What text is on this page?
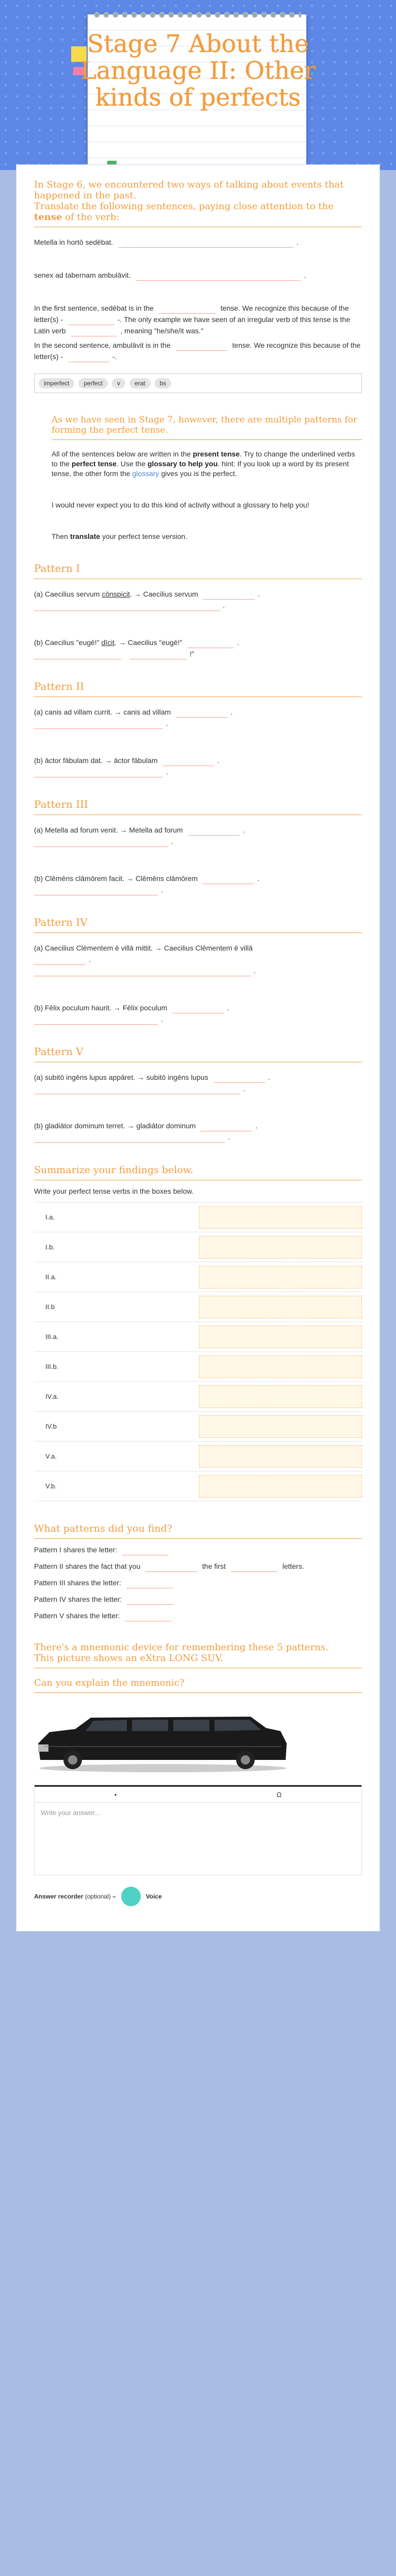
Stage 7 About the Language II: Other kinds of perfects
In Stage 6, we encountered two ways of talking about events that happened in the past.
Translate the following sentences, paying close attention to the tense of the verb:
Metella in hortō sedēbat.	.
senex ad tabernam ambulāvit.	.
In the first sentence, sedēbat is in the	tense. We recognize this because of the letter(s) -	-. The only example we have seen of an irregular verb of this tense is the Latin verb	, meaning "he/she/it was."
In the second sentence, ambulāvit is in the	tense. We recognize this because of the letter(s) -	-.
imperfect	perfect	v	erat	bs
As we have seen in Stage 7, however, there are multiple patterns for forming the perfect tense.

All of the sentences below are written in the present tense. Try to change the underlined verbs to the perfect tense. Use the glossary to help you. hint: If you look up a word by its present tense, the other form the glossary gives you is the perfect.

I would never expect you to do this kind of activity without a glossary to help you!

Then translate your perfect tense version.

Pattern I
(a) Caecilius servum cōnspicit. → Caecilius servum	.
.
(b) Caecilius "eugē!" dīcit. → Caecilius "eugē!"	.
!"
Pattern II
(a) canis ad villam currit. → canis ad villam	.
.
(b) āctor fābulam dat. → āctor fābulam	.
.
Pattern III
(a) Metella ad forum venit. → Metella ad forum	.
.
(b) Clēmēns clāmōrem facit. → Clēmēns clāmōrem	.
.
Pattern IV
(a) Caecilius Clēmentem ē villā mittit. → Caecilius Clēmentem ē villā
.
.
(b) Fēlix poculum haurit. → Fēlix poculum	.
.
Pattern V
(a) subitō ingēns lupus appāret. → subitō ingēns lupus	.
.
(b) gladiātor dominum terret. → gladiātor dominum	.
.
Summarize your findings below.
Write your perfect tense verbs in the boxes below.
I.a.
I.b.
II.a.
II.b
III.a.
III.b.
IV.a.
IV.b
V.a.
V.b.
What patterns did you find?
Pattern I shares the letter:
Pattern II shares the fact that you	the first	letters.
Pattern III shares the letter:
Pattern IV shares the letter:
Pattern V shares the letter:
There's a mnemonic device for remembering these 5 patterns.
This picture shows an eXtra LONG SUV.
Can you explain the mnemonic?
•	Ω
Write your answer...
Answer recorder (optional) –	Voice
